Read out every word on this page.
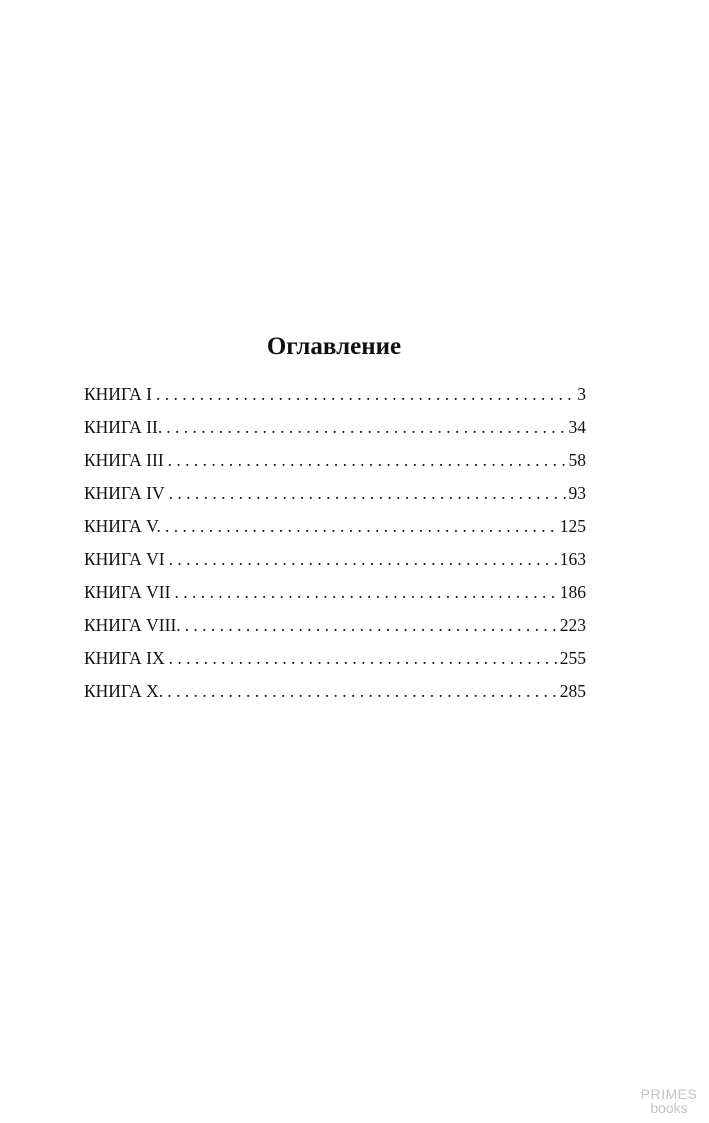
Оглавление
КНИГА I . . .	3
КНИГА II. . . .	34
КНИГА III . . .	58
КНИГА IV . . .	93
КНИГА V. . . .	125
КНИГА VI . . .	163
КНИГА VII . . .	186
КНИГА VIII. . . .	223
КНИГА IX . . .	255
КНИГА X. . . .	285
PRIMES
books
